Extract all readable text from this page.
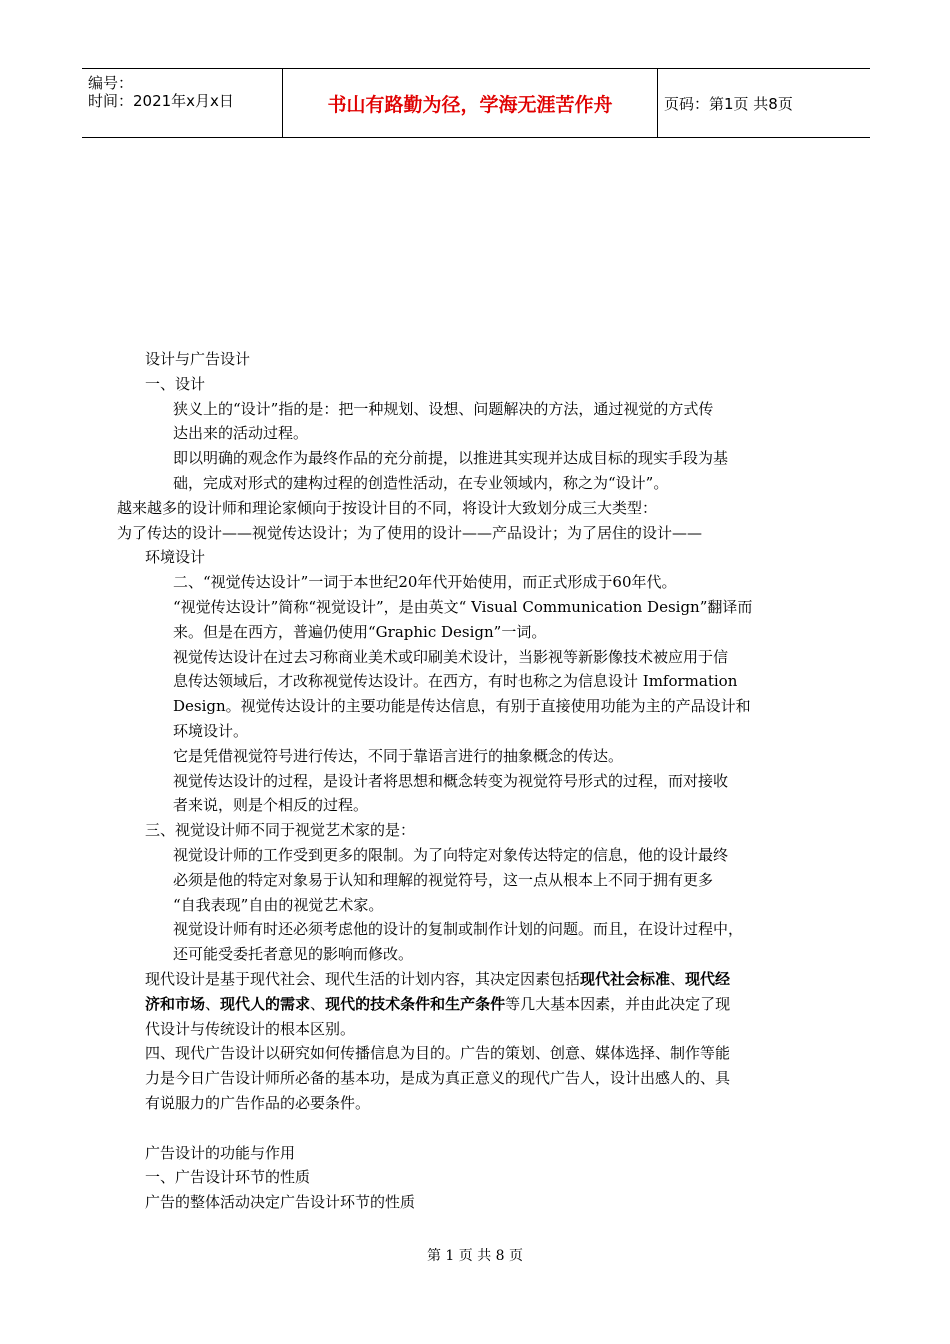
编号：
时间：2021年x月x日	书山有路勤为径，学海无涯苦作舟	页码：第1页 共8页

设计与广告设计

一、设计

狭义上的“设计”指的是：把一种规划、设想、问题解决的方法，通过视觉的方式传

达出来的活动过程。

即以明确的观念作为最终作品的充分前提，以推进其实现并达成目标的现实手段为基

础，完成对形式的建构过程的创造性活动，在专业领域内，称之为“设计”。

越来越多的设计师和理论家倾向于按设计目的不同，将设计大致划分成三大类型：

为了传达的设计——视觉传达设计；为了使用的设计——产品设计；为了居住的设计——

环境设计

二、“视觉传达设计”一词于本世纪20年代开始使用，而正式形成于60年代。

“视觉传达设计”简称“视觉设计”，是由英文“ Visual Communication Design”翻译而

来。但是在西方，普遍仍使用“Graphic Design”一词。

视觉传达设计在过去习称商业美术或印刷美术设计，当影视等新影像技术被应用于信

息传达领域后，才改称视觉传达设计。在西方，有时也称之为信息设计 Imformation

Design。视觉传达设计的主要功能是传达信息，有别于直接使用功能为主的产品设计和

环境设计。

它是凭借视觉符号进行传达，不同于靠语言进行的抽象概念的传达。

视觉传达设计的过程，是设计者将思想和概念转变为视觉符号形式的过程，而对接收

者来说，则是个相反的过程。

三、视觉设计师不同于视觉艺术家的是：

视觉设计师的工作受到更多的限制。为了向特定对象传达特定的信息，他的设计最终

必须是他的特定对象易于认知和理解的视觉符号，这一点从根本上不同于拥有更多

“自我表现”自由的视觉艺术家。

视觉设计师有时还必须考虑他的设计的复制或制作计划的问题。而且，在设计过程中，

还可能受委托者意见的影响而修改。

现代设计是基于现代社会、现代生活的计划内容，其决定因素包括现代社会标准、现代经

济和市场、现代人的需求、现代的技术条件和生产条件等几大基本因素，并由此决定了现

代设计与传统设计的根本区别。

四、现代广告设计以研究如何传播信息为目的。广告的策划、创意、媒体选择、制作等能

力是今日广告设计师所必备的基本功，是成为真正意义的现代广告人，设计出感人的、具

有说服力的广告作品的必要条件。

广告设计的功能与作用

一、广告设计环节的性质

广告的整体活动决定广告设计环节的性质

第 1 页 共 8 页
